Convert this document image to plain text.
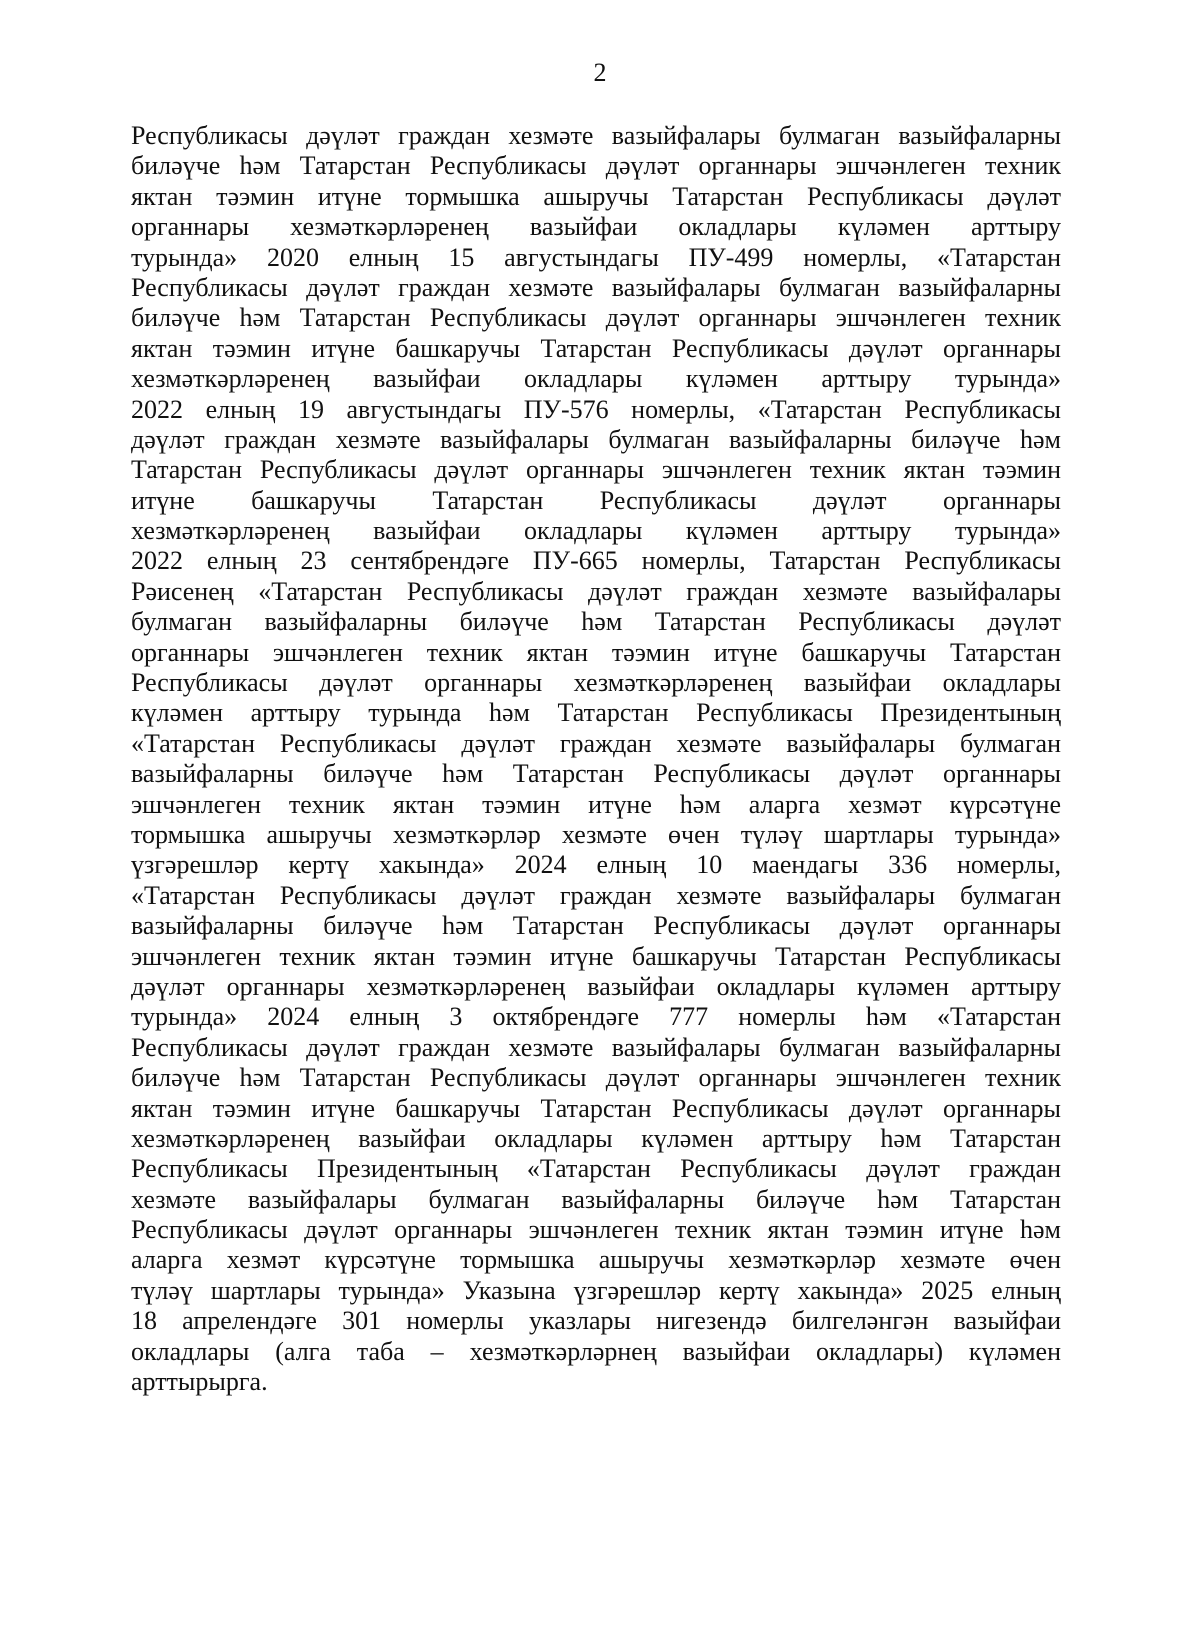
2
Республикасы дәүләт граждан хезмәте вазыйфалары булмаган вазыйфаларны
биләүче һәм Татарстан Республикасы дәүләт органнары эшчәнлеген техник
яктан тәэмин итүне тормышка ашыручы Татарстан Республикасы дәүләт
органнары хезмәткәрләренең вазыйфаи окладлары күләмен арттыру
турында» 2020 елның 15 августындагы ПУ-499 номерлы, «Татарстан
Республикасы дәүләт граждан хезмәте вазыйфалары булмаган вазыйфаларны
биләүче һәм Татарстан Республикасы дәүләт органнары эшчәнлеген техник
яктан тәэмин итүне башкаручы Татарстан Республикасы дәүләт органнары
хезмәткәрләренең вазыйфаи окладлары күләмен арттыру турында»
2022 елның 19 августындагы ПУ-576 номерлы, «Татарстан Республикасы
дәүләт граждан хезмәте вазыйфалары булмаган вазыйфаларны биләүче һәм
Татарстан Республикасы дәүләт органнары эшчәнлеген техник яктан тәэмин
итүне башкаручы Татарстан Республикасы дәүләт органнары
хезмәткәрләренең вазыйфаи окладлары күләмен арттыру турында»
2022 елның 23 сентябрендәге ПУ-665 номерлы, Татарстан Республикасы
Рәисенең «Татарстан Республикасы дәүләт граждан хезмәте вазыйфалары
булмаган вазыйфаларны биләүче һәм Татарстан Республикасы дәүләт
органнары эшчәнлеген техник яктан тәэмин итүне башкаручы Татарстан
Республикасы дәүләт органнары хезмәткәрләренең вазыйфаи окладлары
күләмен арттыру турында һәм Татарстан Республикасы Президентының
«Татарстан Республикасы дәүләт граждан хезмәте вазыйфалары булмаган
вазыйфаларны биләүче һәм Татарстан Республикасы дәүләт органнары
эшчәнлеген техник яктан тәэмин итүне һәм аларга хезмәт күрсәтүне
тормышка ашыручы хезмәткәрләр хезмәте өчен түләү шартлары турында»
үзгәрешләр кертү хакында» 2024 елның 10 маендагы 336 номерлы,
«Татарстан Республикасы дәүләт граждан хезмәте вазыйфалары булмаган
вазыйфаларны биләүче һәм Татарстан Республикасы дәүләт органнары
эшчәнлеген техник яктан тәэмин итүне башкаручы Татарстан Республикасы
дәүләт органнары хезмәткәрләренең вазыйфаи окладлары күләмен арттыру
турында» 2024 елның 3 октябрендәге 777 номерлы һәм «Татарстан
Республикасы дәүләт граждан хезмәте вазыйфалары булмаган вазыйфаларны
биләүче һәм Татарстан Республикасы дәүләт органнары эшчәнлеген техник
яктан тәэмин итүне башкаручы Татарстан Республикасы дәүләт органнары
хезмәткәрләренең вазыйфаи окладлары күләмен арттыру һәм Татарстан
Республикасы Президентының «Татарстан Республикасы дәүләт граждан
хезмәте вазыйфалары булмаган вазыйфаларны биләүче һәм Татарстан
Республикасы дәүләт органнары эшчәнлеген техник яктан тәэмин итүне һәм
аларга хезмәт күрсәтүне тормышка ашыручы хезмәткәрләр хезмәте өчен
түләү шартлары турында» Указына үзгәрешләр кертү хакында» 2025 елның
18 апрелендәге 301 номерлы указлары нигезендә билгеләнгән вазыйфаи
окладлары (алга таба – хезмәткәрләрнең вазыйфаи окладлары) күләмен
арттырырга.
